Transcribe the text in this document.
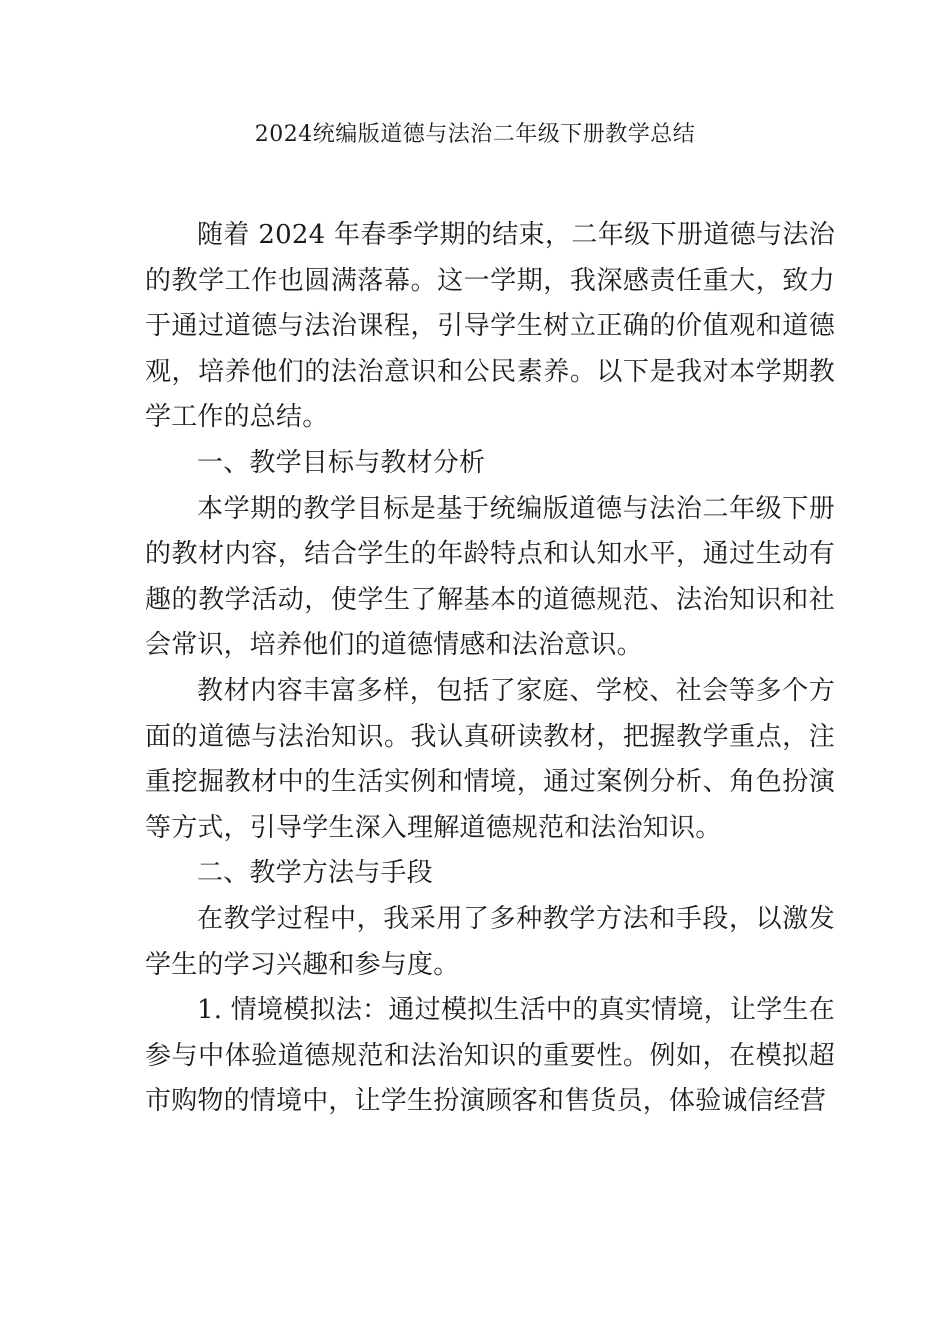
2024统编版道德与法治二年级下册教学总结

随着 2024 年春季学期的结束，二年级下册道德与法治的教学工作也圆满落幕。这一学期，我深感责任重大，致力于通过道德与法治课程，引导学生树立正确的价值观和道德观，培养他们的法治意识和公民素养。以下是我对本学期教学工作的总结。

一、教学目标与教材分析

本学期的教学目标是基于统编版道德与法治二年级下册的教材内容，结合学生的年龄特点和认知水平，通过生动有趣的教学活动，使学生了解基本的道德规范、法治知识和社会常识，培养他们的道德情感和法治意识。

教材内容丰富多样，包括了家庭、学校、社会等多个方面的道德与法治知识。我认真研读教材，把握教学重点，注重挖掘教材中的生活实例和情境，通过案例分析、角色扮演等方式，引导学生深入理解道德规范和法治知识。

二、教学方法与手段

在教学过程中，我采用了多种教学方法和手段，以激发学生的学习兴趣和参与度。

1. 情境模拟法：通过模拟生活中的真实情境，让学生在参与中体验道德规范和法治知识的重要性。例如，在模拟超市购物的情境中，让学生扮演顾客和售货员，体验诚信经营
